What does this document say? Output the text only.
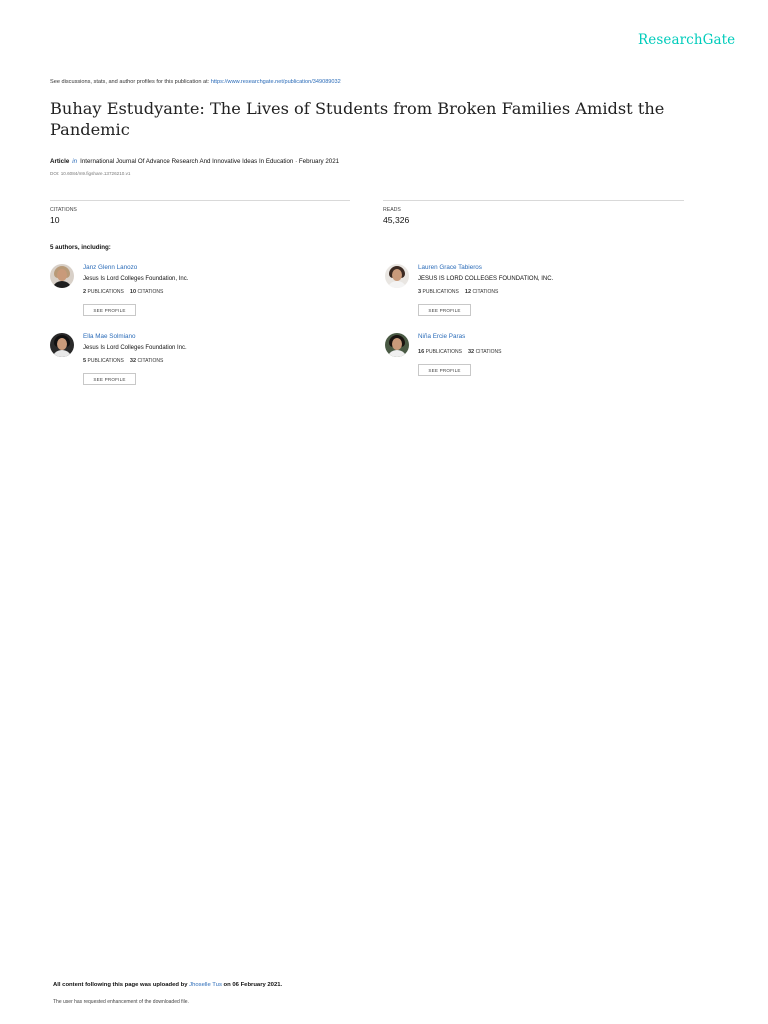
ResearchGate
See discussions, stats, and author profiles for this publication at: https://www.researchgate.net/publication/349089032
Buhay Estudyante: The Lives of Students from Broken Families Amidst the Pandemic
Article in International Journal Of Advance Research And Innovative Ideas In Education · February 2021
DOI: 10.6084/m9.figshare.13726210.v1
CITATIONS
10
READS
45,326
5 authors, including:
Janz Glenn Lanozo
Jesus Is Lord Colleges Foundation, Inc.
2 PUBLICATIONS 10 CITATIONS
SEE PROFILE
Lauren Grace Tabieros
JESUS IS LORD COLLEGES FOUNDATION, INC.
3 PUBLICATIONS 12 CITATIONS
SEE PROFILE
Ella Mae Solmiano
Jesus Is Lord Colleges Foundation Inc.
5 PUBLICATIONS 32 CITATIONS
SEE PROFILE
Niña Ercie Paras
16 PUBLICATIONS 32 CITATIONS
SEE PROFILE
All content following this page was uploaded by Jhoselle Tus on 06 February 2021.
The user has requested enhancement of the downloaded file.
